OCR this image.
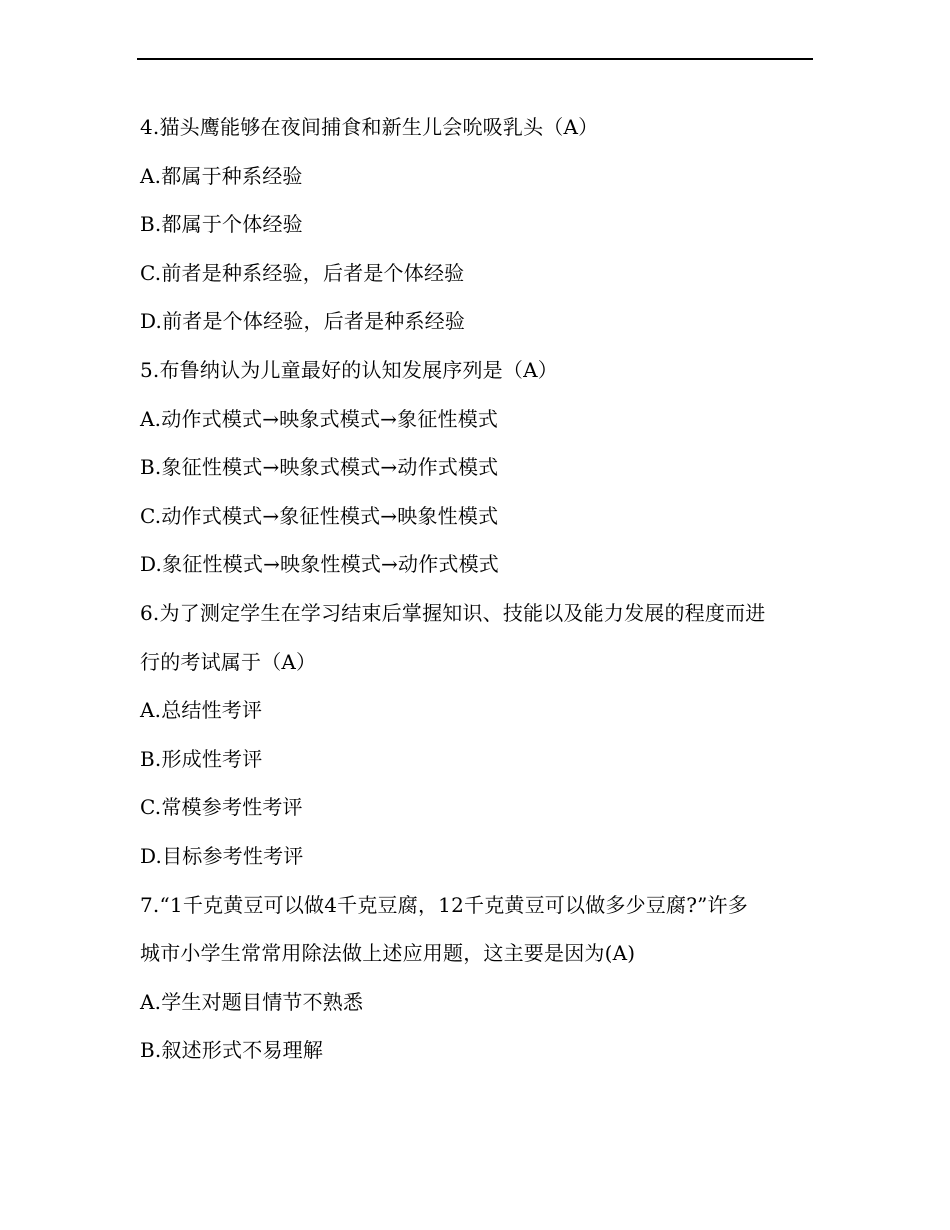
4.猫头鹰能够在夜间捕食和新生儿会吮吸乳头（A）
A.都属于种系经验
B.都属于个体经验
C.前者是种系经验，后者是个体经验
D.前者是个体经验，后者是种系经验
5.布鲁纳认为儿童最好的认知发展序列是（A）
A.动作式模式→映象式模式→象征性模式
B.象征性模式→映象式模式→动作式模式
C.动作式模式→象征性模式→映象性模式
D.象征性模式→映象性模式→动作式模式
6.为了测定学生在学习结束后掌握知识、技能以及能力发展的程度而进
行的考试属于（A）
A.总结性考评
B.形成性考评
C.常模参考性考评
D.目标参考性考评
7.“1千克黄豆可以做4千克豆腐，12千克黄豆可以做多少豆腐?”许多
城市小学生常常用除法做上述应用题，这主要是因为(A)
A.学生对题目情节不熟悉
B.叙述形式不易理解
